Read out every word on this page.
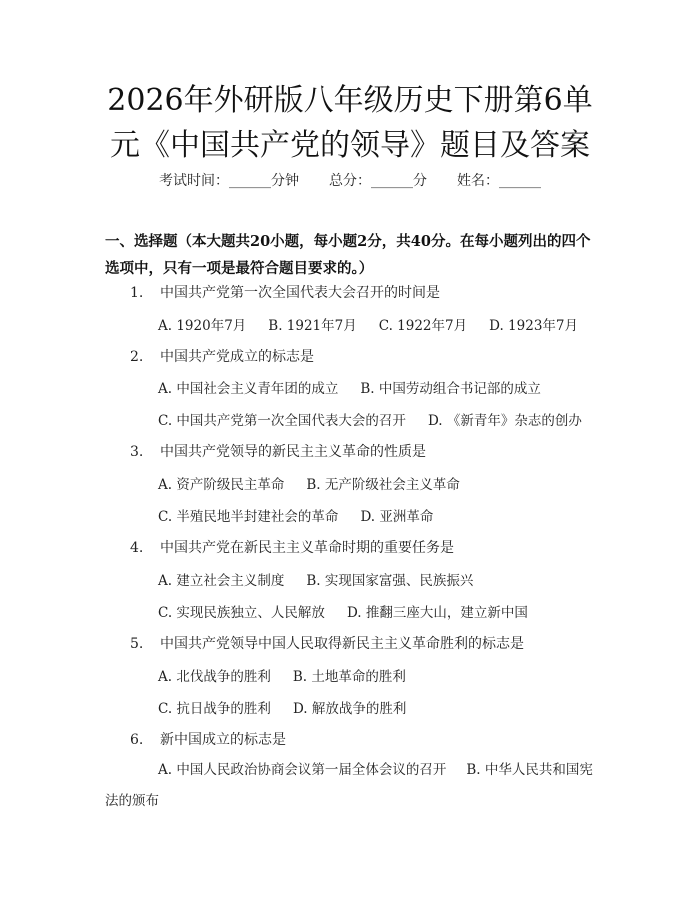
2026年外研版八年级历史下册第6单元《中国共产党的领导》题目及答案
考试时间：______分钟 总分：______分 姓名：______
一、选择题（本大题共20小题，每小题2分，共40分。在每小题列出的四个选项中，只有一项是最符合题目要求的。）
1. 中国共产党第一次全国代表大会召开的时间是
A. 1920年7月 B. 1921年7月 C. 1922年7月 D. 1923年7月
2. 中国共产党成立的标志是
A. 中国社会主义青年团的成立 B. 中国劳动组合书记部的成立
C. 中国共产党第一次全国代表大会的召开 D. 《新青年》杂志的创办
3. 中国共产党领导的新民主主义革命的性质是
A. 资产阶级民主革命 B. 无产阶级社会主义革命
C. 半殖民地半封建社会的革命 D. 亚洲革命
4. 中国共产党在新民主主义革命时期的重要任务是
A. 建立社会主义制度 B. 实现国家富强、民族振兴
C. 实现民族独立、人民解放 D. 推翻三座大山，建立新中国
5. 中国共产党领导中国人民取得新民主主义革命胜利的标志是
A. 北伐战争的胜利 B. 土地革命的胜利
C. 抗日战争的胜利 D. 解放战争的胜利
6. 新中国成立的标志是
A. 中国人民政治协商会议第一届全体会议的召开 B. 中华人民共和国宪法的颁布
